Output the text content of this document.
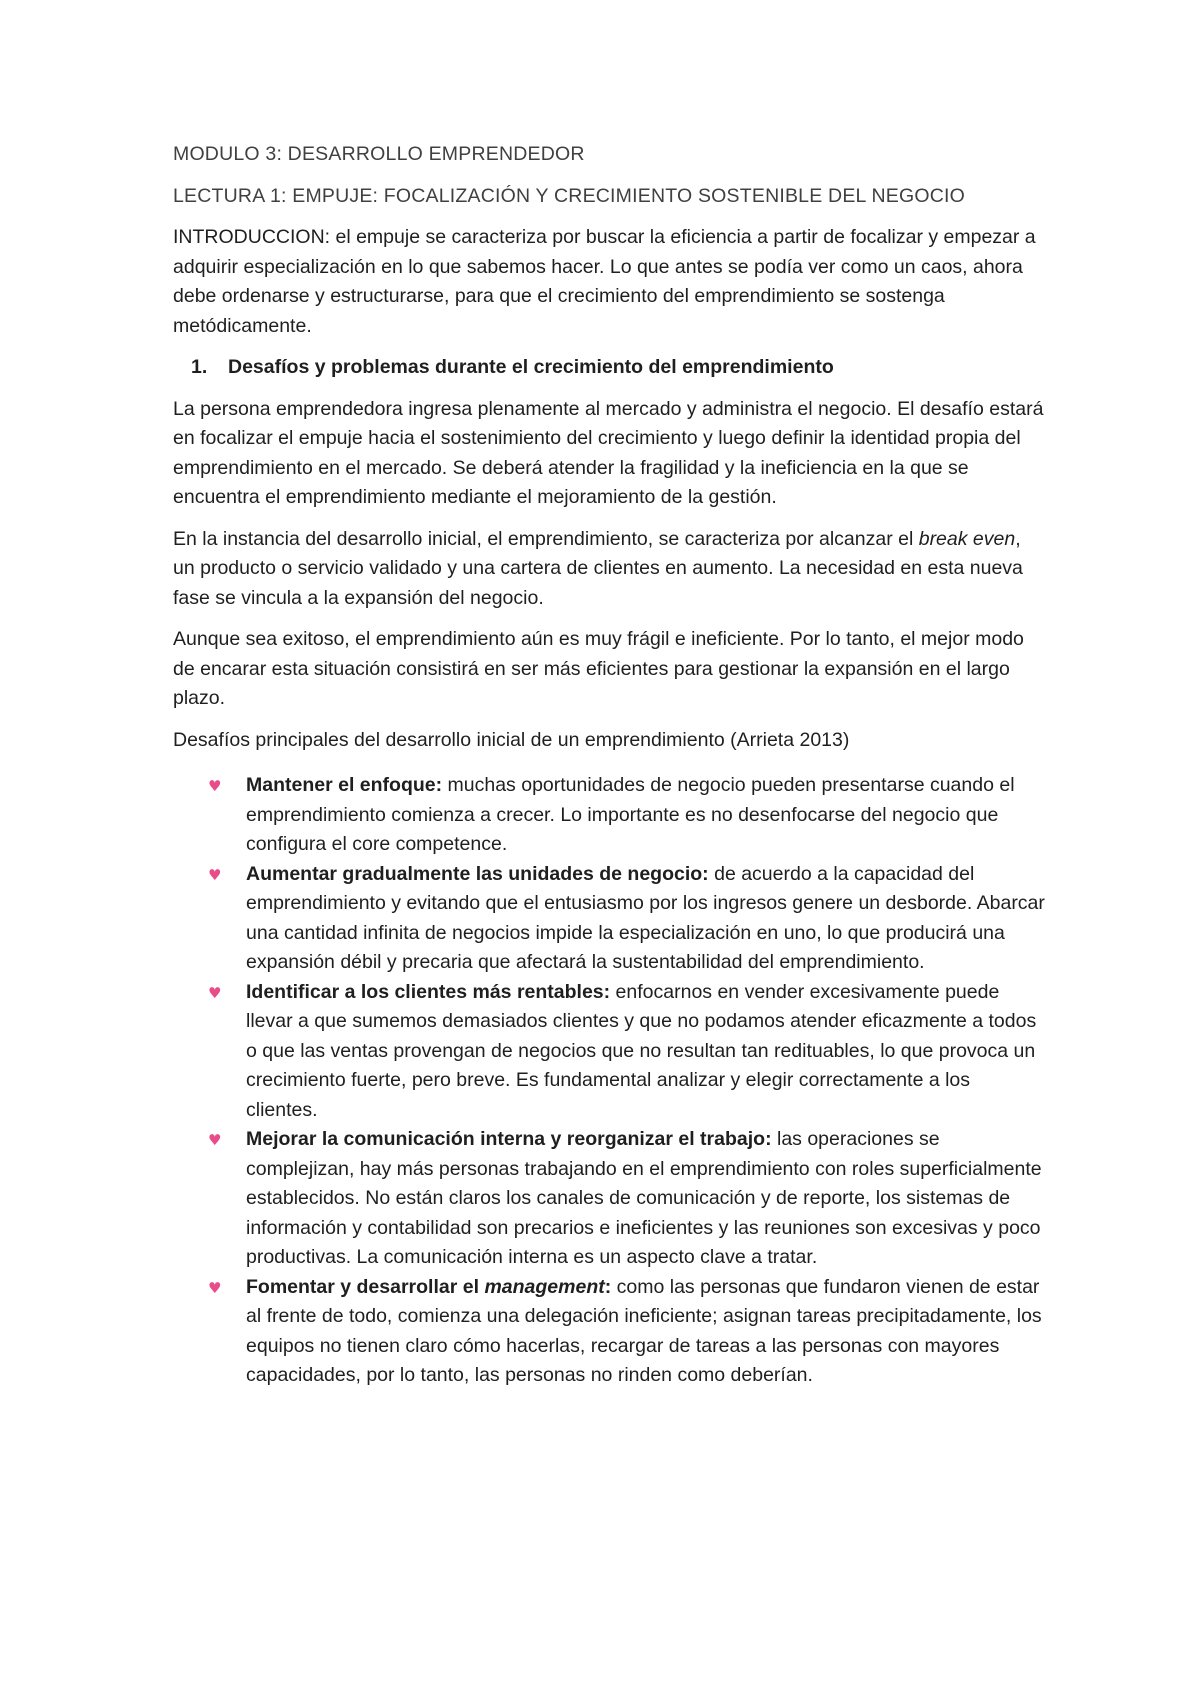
MODULO 3: DESARROLLO EMPRENDEDOR

LECTURA 1: EMPUJE: FOCALIZACIÓN Y CRECIMIENTO SOSTENIBLE DEL NEGOCIO

INTRODUCCION: el empuje se caracteriza por buscar la eficiencia a partir de focalizar y empezar a adquirir especialización en lo que sabemos hacer. Lo que antes se podía ver como un caos, ahora debe ordenarse y estructurarse, para que el crecimiento del emprendimiento se sostenga metódicamente.

1.	Desafíos y problemas durante el crecimiento del emprendimiento

La persona emprendedora ingresa plenamente al mercado y administra el negocio. El desafío estará en focalizar el empuje hacia el sostenimiento del crecimiento y luego definir la identidad propia del emprendimiento en el mercado. Se deberá atender la fragilidad y la ineficiencia en la que se encuentra el emprendimiento mediante el mejoramiento de la gestión.

En la instancia del desarrollo inicial, el emprendimiento, se caracteriza por alcanzar el break even, un producto o servicio validado y una cartera de clientes en aumento. La necesidad en esta nueva fase se vincula a la expansión del negocio.

Aunque sea exitoso, el emprendimiento aún es muy frágil e ineficiente. Por lo tanto, el mejor modo de encarar esta situación consistirá en ser más eficientes para gestionar la expansión en el largo plazo.

Desafíos principales del desarrollo inicial de un emprendimiento (Arrieta 2013)

♥ Mantener el enfoque: muchas oportunidades de negocio pueden presentarse cuando el emprendimiento comienza a crecer. Lo importante es no desenfocarse del negocio que configura el core competence.
♥ Aumentar gradualmente las unidades de negocio: de acuerdo a la capacidad del emprendimiento y evitando que el entusiasmo por los ingresos genere un desborde. Abarcar una cantidad infinita de negocios impide la especialización en uno, lo que producirá una expansión débil y precaria que afectará la sustentabilidad del emprendimiento.
♥ Identificar a los clientes más rentables: enfocarnos en vender excesivamente puede llevar a que sumemos demasiados clientes y que no podamos atender eficazmente a todos o que las ventas provengan de negocios que no resultan tan redituables, lo que provoca un crecimiento fuerte, pero breve. Es fundamental analizar y elegir correctamente a los clientes.
♥ Mejorar la comunicación interna y reorganizar el trabajo: las operaciones se complejizan, hay más personas trabajando en el emprendimiento con roles superficialmente establecidos. No están claros los canales de comunicación y de reporte, los sistemas de información y contabilidad son precarios e ineficientes y las reuniones son excesivas y poco productivas. La comunicación interna es un aspecto clave a tratar.
♥ Fomentar y desarrollar el management: como las personas que fundaron vienen de estar al frente de todo, comienza una delegación ineficiente; asignan tareas precipitadamente, los equipos no tienen claro cómo hacerlas, recargar de tareas a las personas con mayores capacidades, por lo tanto, las personas no rinden como deberían.
